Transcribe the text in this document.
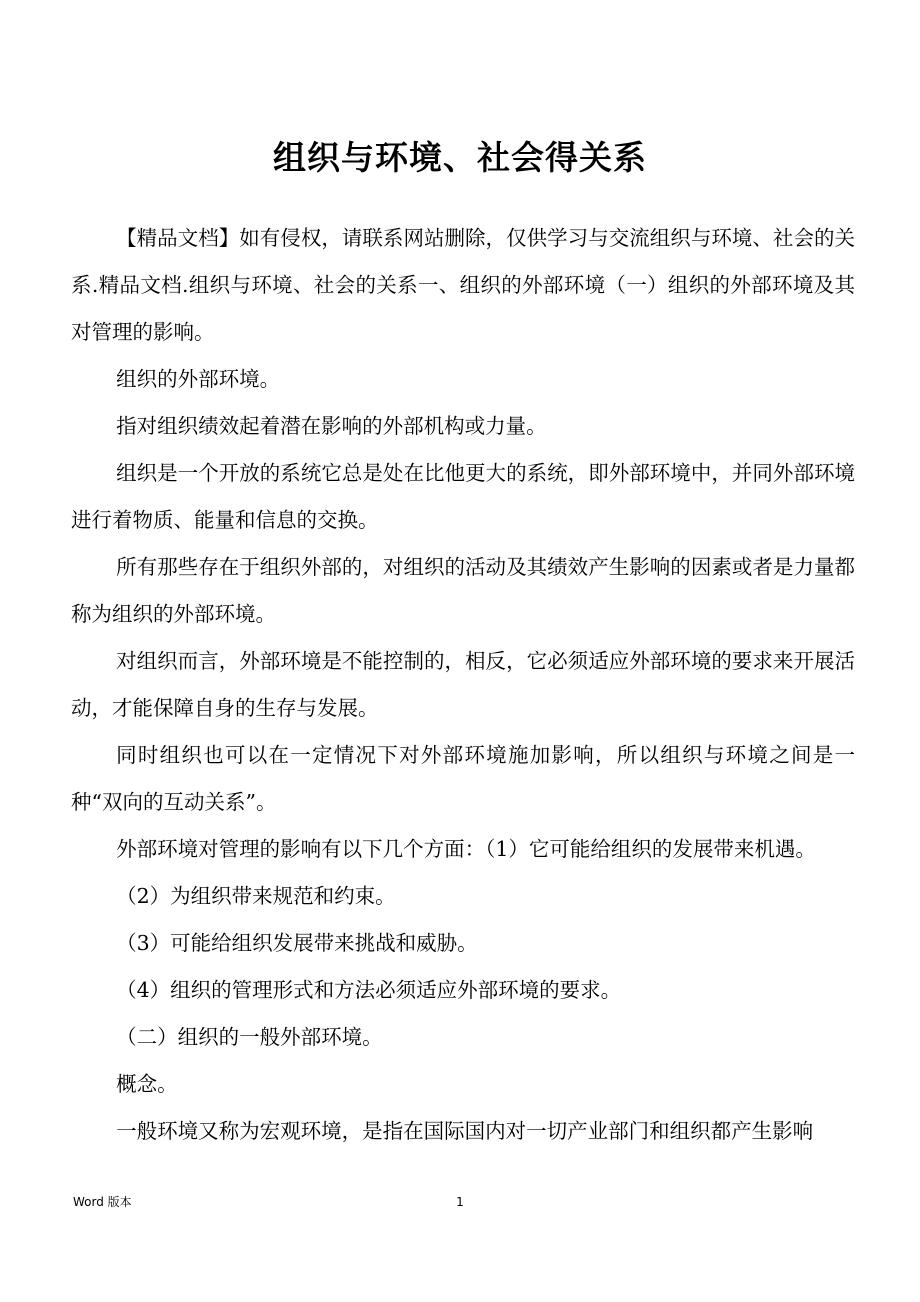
组织与环境、社会得关系

【精品文档】如有侵权，请联系网站删除，仅供学习与交流组织与环境、社会的关系.精品文档.组织与环境、社会的关系一、组织的外部环境（一）组织的外部环境及其对管理的影响。

组织的外部环境。

指对组织绩效起着潜在影响的外部机构或力量。

组织是一个开放的系统它总是处在比他更大的系统，即外部环境中，并同外部环境进行着物质、能量和信息的交换。

所有那些存在于组织外部的，对组织的活动及其绩效产生影响的因素或者是力量都称为组织的外部环境。

对组织而言，外部环境是不能控制的，相反，它必须适应外部环境的要求来开展活动，才能保障自身的生存与发展。

同时组织也可以在一定情况下对外部环境施加影响，所以组织与环境之间是一种“双向的互动关系”。

外部环境对管理的影响有以下几个方面：（1）它可能给组织的发展带来机遇。

（2）为组织带来规范和约束。

（3）可能给组织发展带来挑战和威胁。

（4）组织的管理形式和方法必须适应外部环境的要求。

（二）组织的一般外部环境。

概念。

一般环境又称为宏观环境，是指在国际国内对一切产业部门和组织都产生影响

Word 版本	1
